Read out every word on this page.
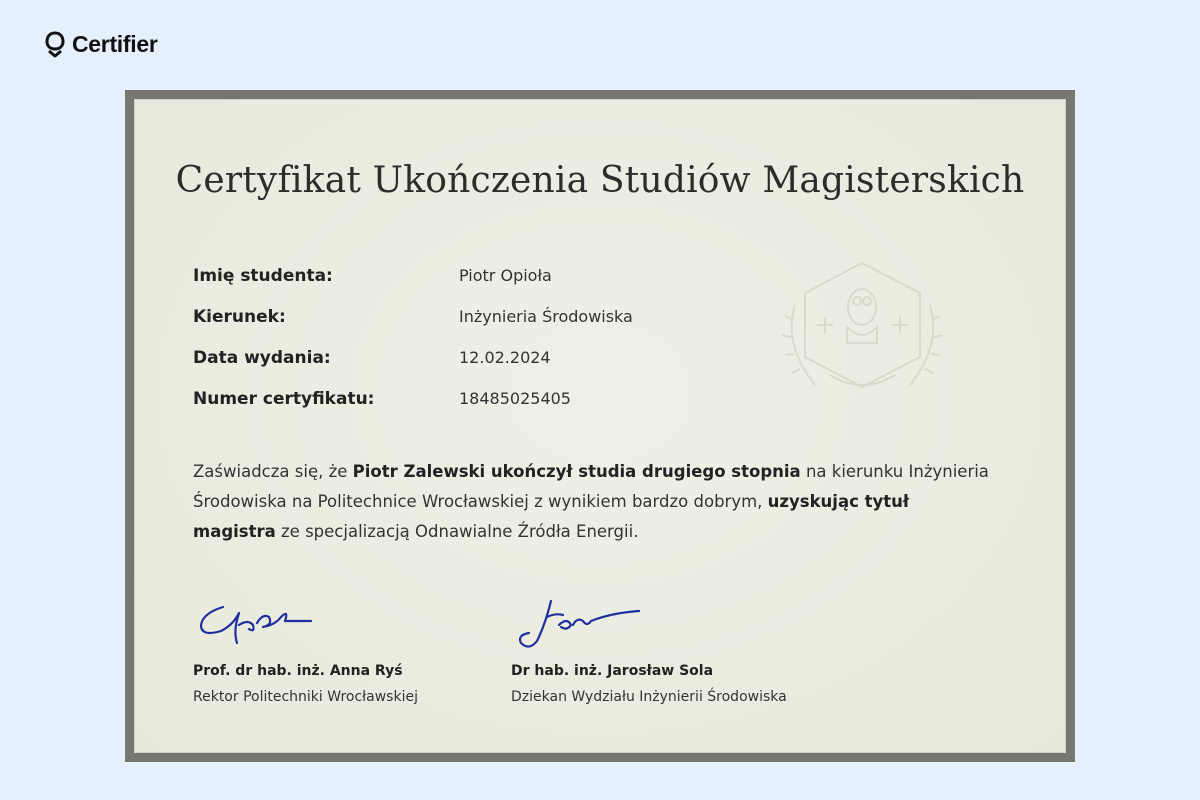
Certifier
Certyfikat Ukończenia Studiów Magisterskich
Imię studenta:	Piotr Opioła
Kierunek:	Inżynieria Środowiska
Data wydania:	12.02.2024
Numer certyfikatu:	18485025405
Zaświadcza się, że Piotr Zalewski ukończył studia drugiego stopnia na kierunku Inżynieria Środowiska na Politechnice Wrocławskiej z wynikiem bardzo dobrym, uzyskując tytuł magistra ze specjalizacją Odnawialne Źródła Energii.
Prof. dr hab. inż. Anna Ryś
Rektor Politechniki Wrocławskiej
Dr hab. inż. Jarosław Sola
Dziekan Wydziału Inżynierii Środowiska
